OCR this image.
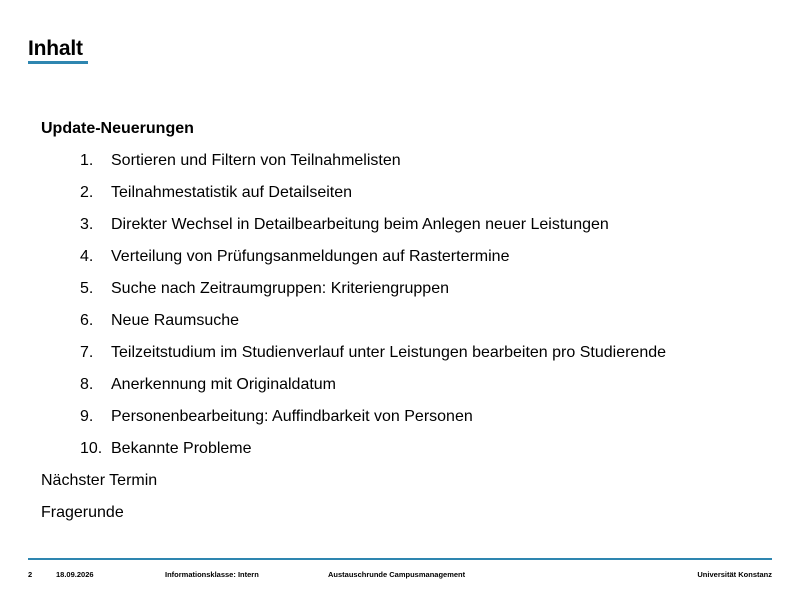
Inhalt
Update-Neuerungen
1. Sortieren und Filtern von Teilnahmelisten
2. Teilnahmestatistik auf Detailseiten
3. Direkter Wechsel in Detailbearbeitung beim Anlegen neuer Leistungen
4. Verteilung von Prüfungsanmeldungen auf Rastertermine
5. Suche nach Zeitraumgruppen: Kriteriengruppen
6. Neue Raumsuche
7. Teilzeitstudium im Studienverlauf unter Leistungen bearbeiten pro Studierende
8. Anerkennung mit Originaldatum
9. Personenbearbeitung: Auffindbarkeit von Personen
10. Bekannte Probleme
Nächster Termin
Fragerunde
2	18.09.2026	Informationsklasse: Intern	Austauschrunde Campusmanagement	Universität Konstanz
